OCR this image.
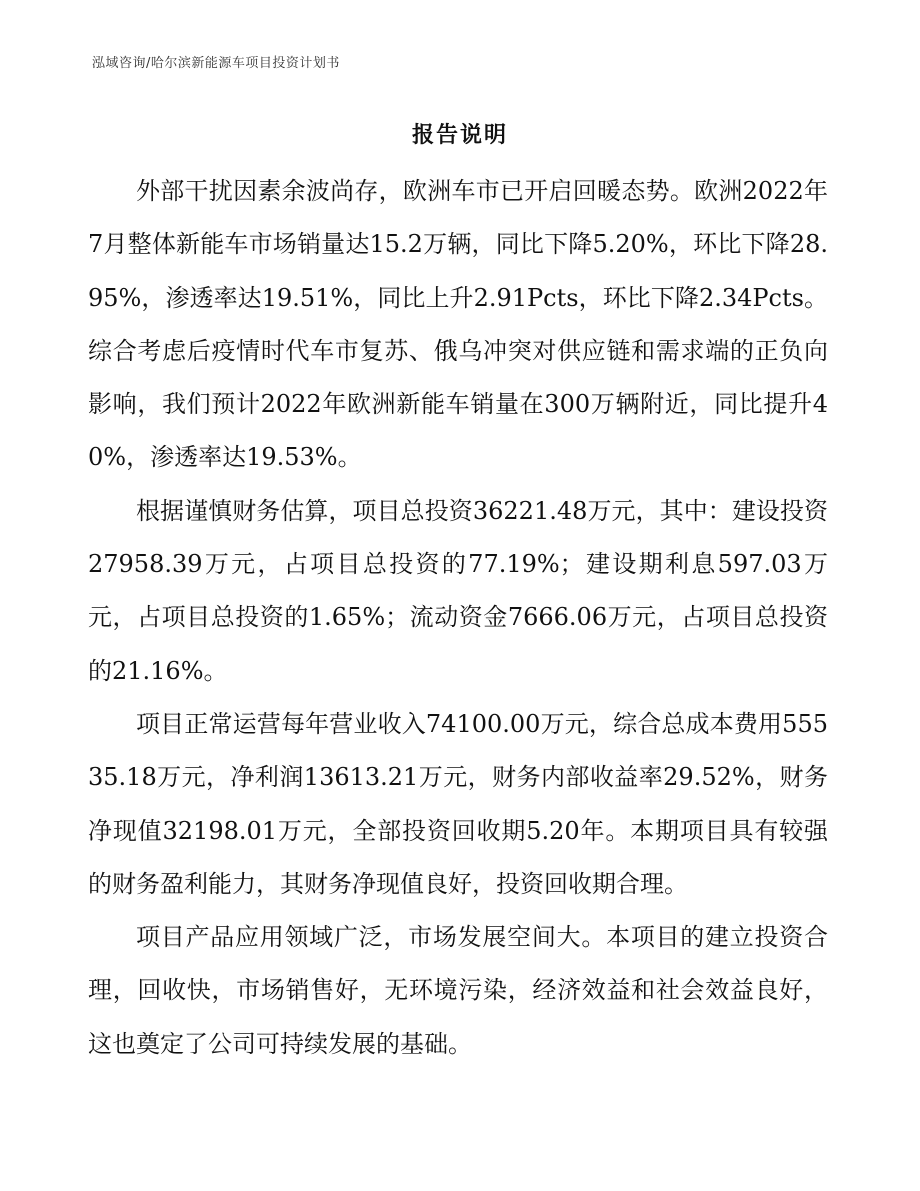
泓域咨询/哈尔滨新能源车项目投资计划书
报告说明

外部干扰因素余波尚存，欧洲车市已开启回暖态势。欧洲2022年7月整体新能车市场销量达15.2万辆，同比下降5.20%，环比下降28.95%，渗透率达19.51%，同比上升2.91Pcts，环比下降2.34Pcts。综合考虑后疫情时代车市复苏、俄乌冲突对供应链和需求端的正负向影响，我们预计2022年欧洲新能车销量在300万辆附近，同比提升40%，渗透率达19.53%。

根据谨慎财务估算，项目总投资36221.48万元，其中：建设投资27958.39万元，占项目总投资的77.19%；建设期利息597.03万元，占项目总投资的1.65%；流动资金7666.06万元，占项目总投资的21.16%。

项目正常运营每年营业收入74100.00万元，综合总成本费用55535.18万元，净利润13613.21万元，财务内部收益率29.52%，财务净现值32198.01万元，全部投资回收期5.20年。本期项目具有较强的财务盈利能力，其财务净现值良好，投资回收期合理。

项目产品应用领域广泛，市场发展空间大。本项目的建立投资合理，回收快，市场销售好，无环境污染，经济效益和社会效益良好，这也奠定了公司可持续发展的基础。
